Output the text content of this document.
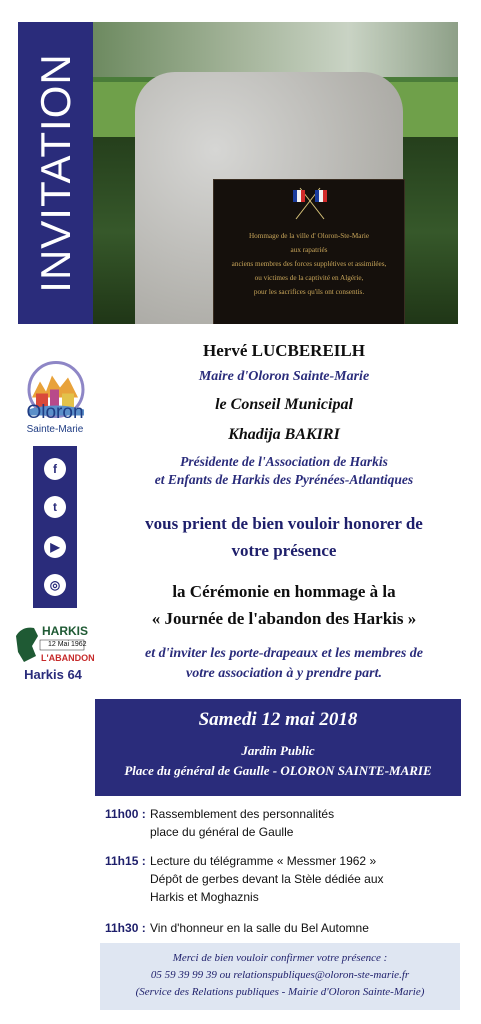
INVITATION	Hommage de la ville d' Oloron-Ste-Marie
aux rapatriés
anciens membres des forces supplétives et assimilées,
ou victimes de la captivité en Algérie,
pour les sacrifices qu'ils ont consentis.
Oloron
Sainte-Marie
f
t
▶
◎
HARKIS
12 Mai 1962
L'ABANDON
Harkis 64
Hervé LUCBEREILH
Maire d'Oloron Sainte-Marie
le Conseil Municipal
Khadija BAKIRI
Présidente de l'Association de Harkis
et Enfants de Harkis des Pyrénées-Atlantiques
vous prient de bien vouloir honorer de
votre présence
la Cérémonie en hommage à la
« Journée de l'abandon des Harkis »
et d'inviter les porte-drapeaux et les membres de
votre association à y prendre part.
Samedi 12 mai 2018
Jardin Public
Place du général de Gaulle - OLORON SAINTE-MARIE
11h00 : Rassemblement des personnalités
place du général de Gaulle
11h15 : Lecture du télégramme « Messmer 1962 »
Dépôt de gerbes devant la Stèle dédiée aux
Harkis et Moghaznis
11h30 : Vin d'honneur en la salle du Bel Automne
Merci de bien vouloir confirmer votre présence :
05 59 39 99 39 ou relationspubliques@oloron-ste-marie.fr
(Service des Relations publiques - Mairie d'Oloron Sainte-Marie)
